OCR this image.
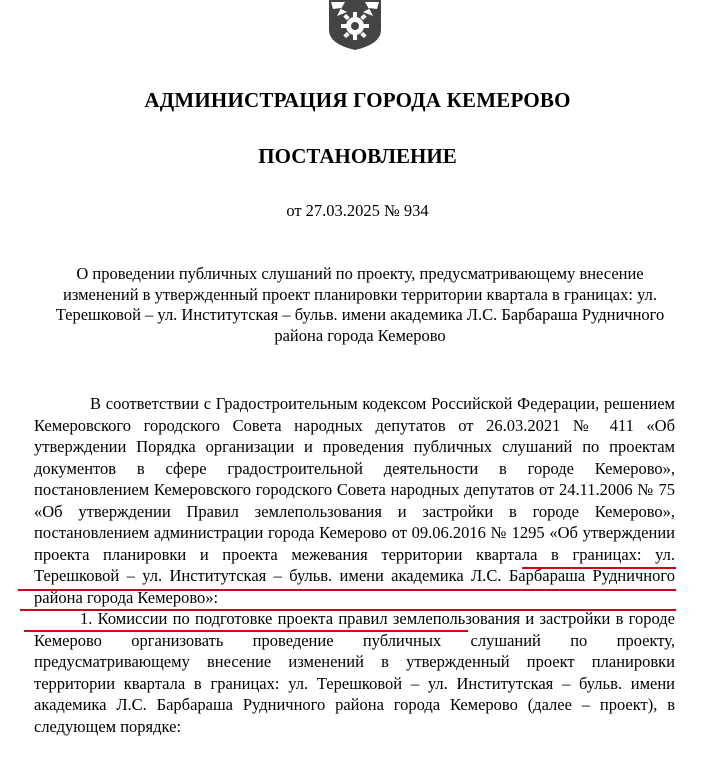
АДМИНИСТРАЦИЯ ГОРОДА КЕМЕРОВО
ПОСТАНОВЛЕНИЕ
от 27.03.2025 № 934
О проведении публичных слушаний по проекту, предусматривающему внесение изменений в утвержденный проект планировки территории квартала в границах: ул. Терешковой – ул. Институтская – бульв. имени академика Л.С. Барбараша Рудничного района города Кемерово

В соответствии с Градостроительным кодексом Российской Федерации, решением Кемеровского городского Совета народных депутатов от 26.03.2021 № 411 «Об утверждении Порядка организации и проведения публичных слушаний по проектам документов в сфере градостроительной деятельности в городе Кемерово», постановлением Кемеровского городского Совета народных депутатов от 24.11.2006 № 75 «Об утверждении Правил землепользования и застройки в городе Кемерово», постановлением администрации города Кемерово от 09.06.2016 № 1295 «Об утверждении проекта планировки и проекта межевания территории квартала в границах: ул. Терешковой – ул. Институтская – бульв. имени академика Л.С. Барбараша Рудничного района города Кемерово»:

1. Комиссии по подготовке проекта правил землепользования и застройки в городе Кемерово организовать проведение публичных слушаний по проекту, предусматривающему внесение изменений в утвержденный проект планировки территории квартала в границах: ул. Терешковой – ул. Институтская – бульв. имени академика Л.С. Барбараша Рудничного района города Кемерово (далее – проект), в следующем порядке:
